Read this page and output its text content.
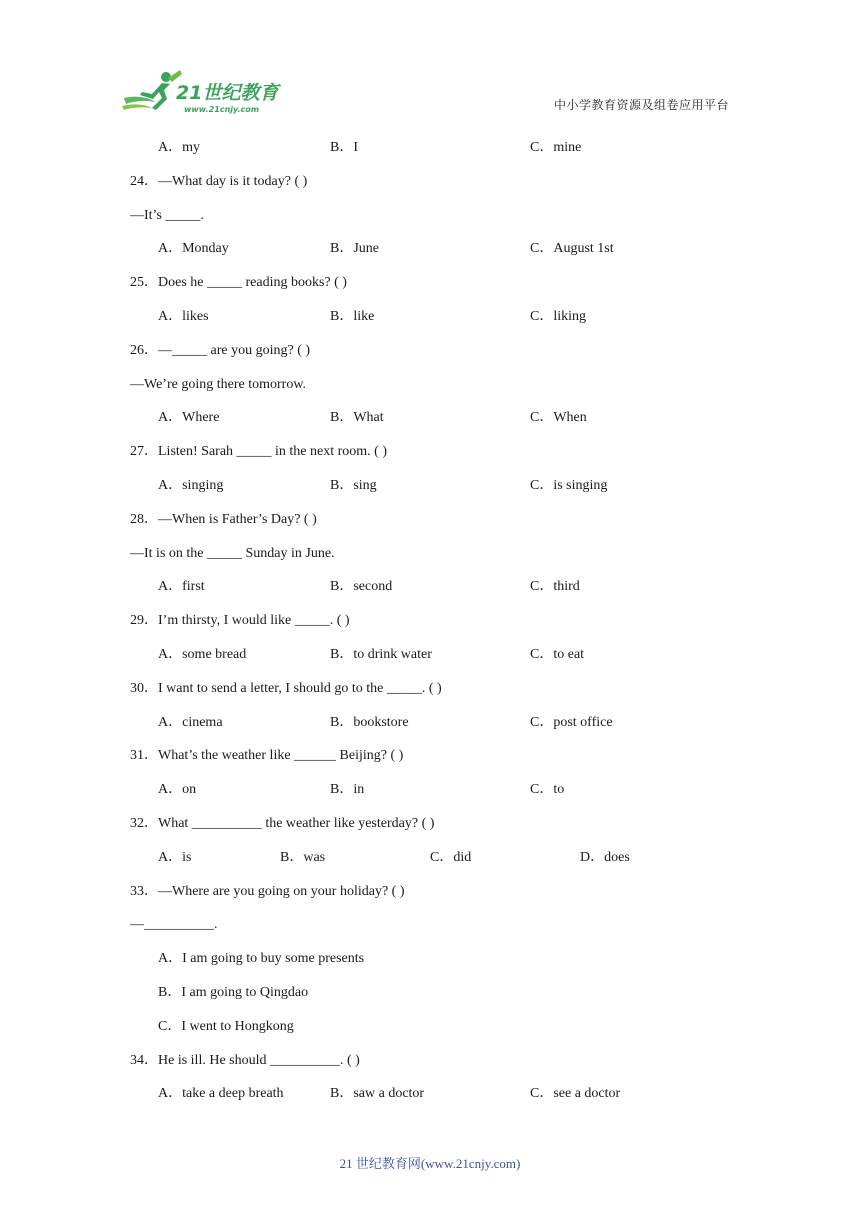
21世纪教育
www.21cnjy.com	中小学教育资源及组卷应用平台
A．my	B．I	C．mine
24．—What day is it today? ( )
—It’s _____.
A．Monday	B．June	C．August 1st
25．Does he _____ reading books? ( )
A．likes	B．like	C．liking
26．—_____ are you going? ( )
—We’re going there tomorrow.
A．Where	B．What	C．When
27．Listen! Sarah _____ in the next room. ( )
A．singing	B．sing	C．is singing
28．—When is Father’s Day? ( )
—It is on the _____ Sunday in June.
A．first	B．second	C．third
29．I’m thirsty, I would like _____. ( )
A．some bread	B．to drink water	C．to eat
30．I want to send a letter, I should go to the _____. ( )
A．cinema	B．bookstore	C．post office
31．What’s the weather like ______ Beijing? ( )
A．on	B．in	C．to
32．What __________ the weather like yesterday? ( )
A．is	B．was	C．did	D．does
33．—Where are you going on your holiday? ( )
—__________.
A．I am going to buy some presents
B．I am going to Qingdao
C．I went to Hongkong
34．He is ill. He should __________. ( )
A．take a deep breath	B．saw a doctor	C．see a doctor
21 世纪教育网(www.21cnjy.com)
